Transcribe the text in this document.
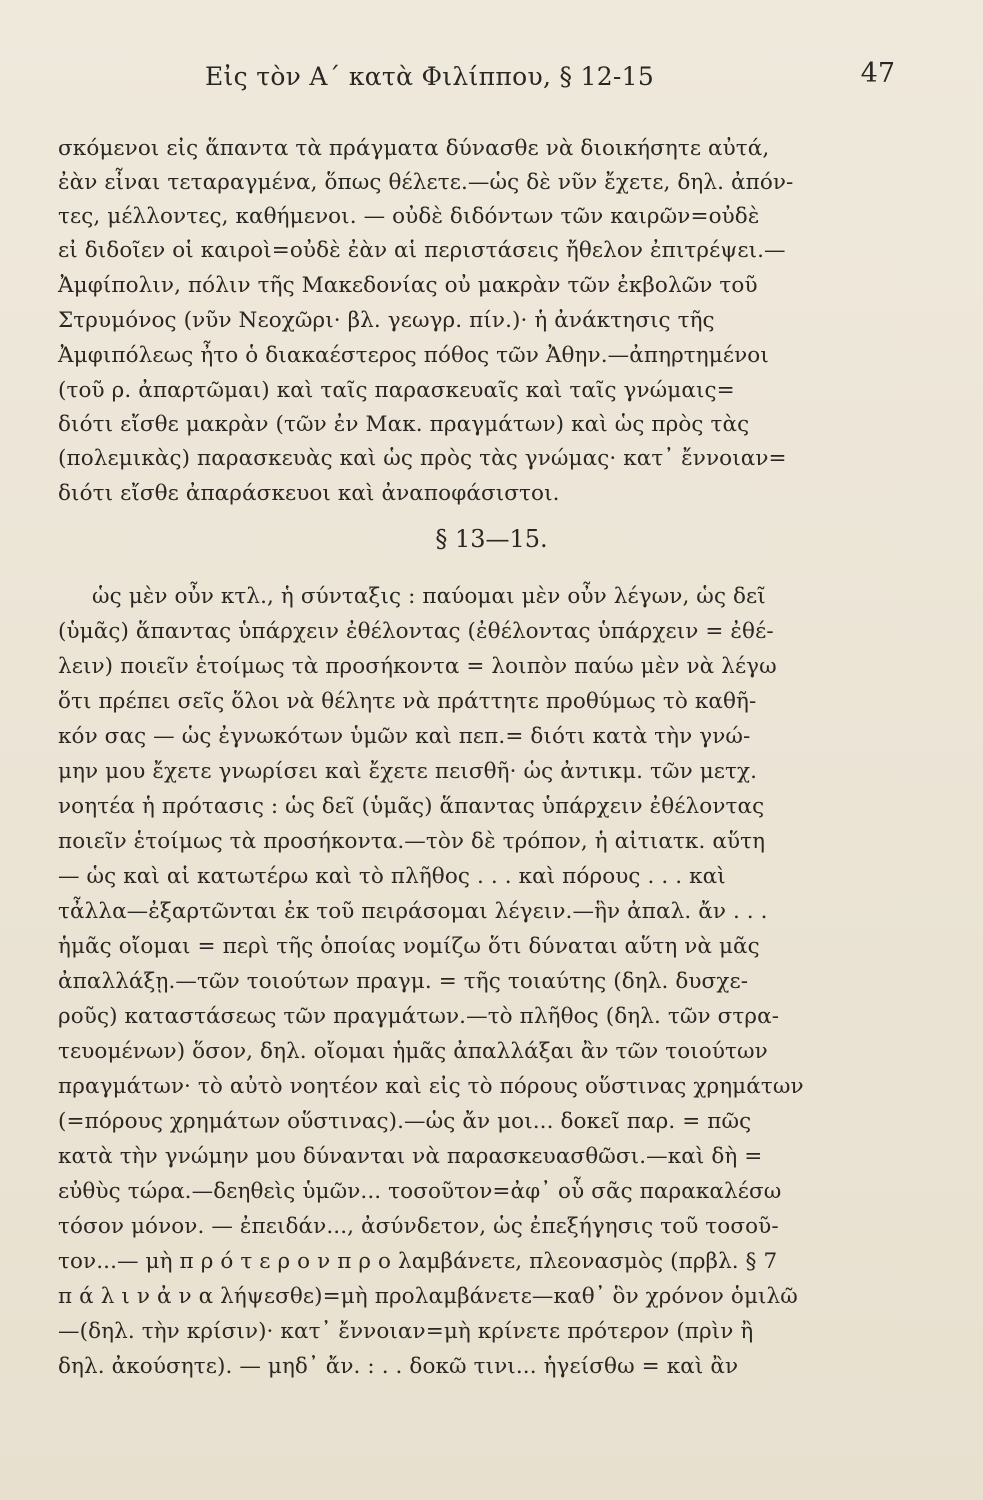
Εἰς τὸν Α΄ κατὰ Φιλίππου, § 12-15	47
σκόμενοι εἰς ἅπαντα τὰ πράγματα δύνασθε νὰ διοικήσητε αὐτά,
ἐὰν εἶναι τεταραγμένα, ὅπως θέλετε.—ὡς δὲ νῦν ἔχετε, δηλ. ἀπόν-
τες, μέλλοντες, καθήμενοι. — οὐδὲ διδόντων τῶν καιρῶν=οὐδὲ
εἰ διδοῖεν οἱ καιροὶ=οὐδὲ ἐὰν αἱ περιστάσεις ἤθελον ἐπιτρέψει.—
Ἀμφίπολιν, πόλιν τῆς Μακεδονίας οὐ μακρὰν τῶν ἐκβολῶν τοῦ
Στρυμόνος (νῦν Νεοχῶρι· βλ. γεωγρ. πίν.)· ἡ ἀνάκτησις τῆς
Ἀμφιπόλεως ἦτο ὁ διακαέστερος πόθος τῶν Ἀθην.—ἀπηρτημένοι
(τοῦ ρ. ἀπαρτῶμαι) καὶ ταῖς παρασκευαῖς καὶ ταῖς γνώμαις=
διότι εἴσθε μακρὰν (τῶν ἐν Μακ. πραγμάτων) καὶ ὡς πρὸς τὰς
(πολεμικὰς) παρασκευὰς καὶ ὡς πρὸς τὰς γνώμας· κατ᾽ ἔννοιαν=
διότι εἴσθε ἀπαράσκευοι καὶ ἀναποφάσιστοι.
§ 13—15.
ὡς μὲν οὖν κτλ., ἡ σύνταξις : παύομαι μὲν οὖν λέγων, ὡς δεῖ
(ὑμᾶς) ἅπαντας ὑπάρχειν ἐθέλοντας (ἐθέλοντας ὑπάρχειν = ἐθέ-
λειν) ποιεῖν ἑτοίμως τὰ προσήκοντα = λοιπὸν παύω μὲν νὰ λέγω
ὅτι πρέπει σεῖς ὅλοι νὰ θέλητε νὰ πράττητε προθύμως τὸ καθῆ-
κόν σας — ὡς ἐγνωκότων ὑμῶν καὶ πεπ.= διότι κατὰ τὴν γνώ-
μην μου ἔχετε γνωρίσει καὶ ἔχετε πεισθῆ· ὡς ἀντικμ. τῶν μετχ.
νοητέα ἡ πρότασις : ὡς δεῖ (ὑμᾶς) ἅπαντας ὑπάρχειν ἐθέλοντας
ποιεῖν ἑτοίμως τὰ προσήκοντα.—τὸν δὲ τρόπον, ἡ αἰτιατκ. αὕτη
— ὡς καὶ αἱ κατωτέρω καὶ τὸ πλῆθος . . . καὶ πόρους . . . καὶ
τἆλλα—ἐξαρτῶνται ἐκ τοῦ πειράσομαι λέγειν.—ἣν ἀπαλ. ἄν . . .
ἡμᾶς οἴομαι = περὶ τῆς ὁποίας νομίζω ὅτι δύναται αὕτη νὰ μᾶς
ἀπαλλάξῃ.—τῶν τοιούτων πραγμ. = τῆς τοιαύτης (δηλ. δυσχε-
ροῦς) καταστάσεως τῶν πραγμάτων.—τὸ πλῆθος (δηλ. τῶν στρα-
τευομένων) ὅσον, δηλ. οἴομαι ἡμᾶς ἀπαλλάξαι ἂν τῶν τοιούτων
πραγμάτων· τὸ αὐτὸ νοητέον καὶ εἰς τὸ πόρους οὕστινας χρημάτων
(=πόρους χρημάτων οὕστινας).—ὡς ἄν μοι... δοκεῖ παρ. = πῶς
κατὰ τὴν γνώμην μου δύνανται νὰ παρασκευασθῶσι.—καὶ δὴ =
εὐθὺς τώρα.—δεηθεὶς ὑμῶν... τοσοῦτον=ἀφ᾽ οὗ σᾶς παρακαλέσω
τόσον μόνον. — ἐπειδάν..., ἀσύνδετον, ὡς ἐπεξήγησις τοῦ τοσοῦ-
τον...— μὴ π ρ ό τ ε ρ ο ν π ρ ο λαμβάνετε, πλεονασμὸς (πρβλ. § 7
π ά λ ι ν ἀ ν α λήψεσθε)=μὴ προλαμβάνετε—καθ᾽ ὃν χρόνον ὁμιλῶ
—(δηλ. τὴν κρίσιν)· κατ᾽ ἔννοιαν=μὴ κρίνετε πρότερον (πρὶν ἢ
δηλ. ἀκούσητε). — μηδ᾽ ἄν. : . . δοκῶ τινι... ἡγείσθω = καὶ ἂν
